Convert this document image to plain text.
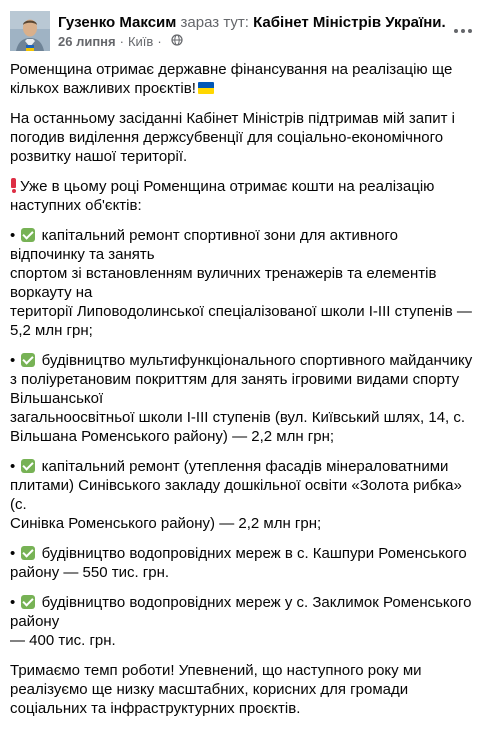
Гузенко Максим зараз тут: Кабінет Міністрів України.
26 липня · Київ ·

Роменщина отримає державне фінансування на реалізацію ще
кількох важливих проєктів!

На останньому засіданні Кабінет Міністрів підтримав мій запит і
погодив виділення держсубвенції для соціально-економічного
розвитку нашої території.

Уже в цьому році Роменщина отримає кошти на реалізацію
наступних об'єктів:

• капітальний ремонт спортивної зони для активного
відпочинку та занять
спортом зі встановленням вуличних тренажерів та елементів
воркауту на
території Липоводолинської спеціалізованої школи І-ІІІ ступенів —
5,2 млн грн;

• будівництво мультифункціонального спортивного майданчику
з поліуретановим покриттям для занять ігровими видами спорту
Вільшанської
загальноосвітньої школи І-ІІІ ступенів (вул. Київський шлях, 14, с.
Вільшана Роменського району) — 2,2 млн грн;

• капітальний ремонт (утеплення фасадів мінераловатними
плитами) Синівського закладу дошкільної освіти «Золота рибка» (с.
Синівка Роменського району) — 2,2 млн грн;

• будівництво водопровідних мереж в с. Кашпури Роменського
району — 550 тис. грн.

• будівництво водопровідних мереж у с. Заклимок Роменського
району
— 400 тис. грн.

Тримаємо темп роботи! Упевнений, що наступного року ми
реалізуємо ще низку масштабних, корисних для громади
соціальних та інфраструктурних проєктів.
